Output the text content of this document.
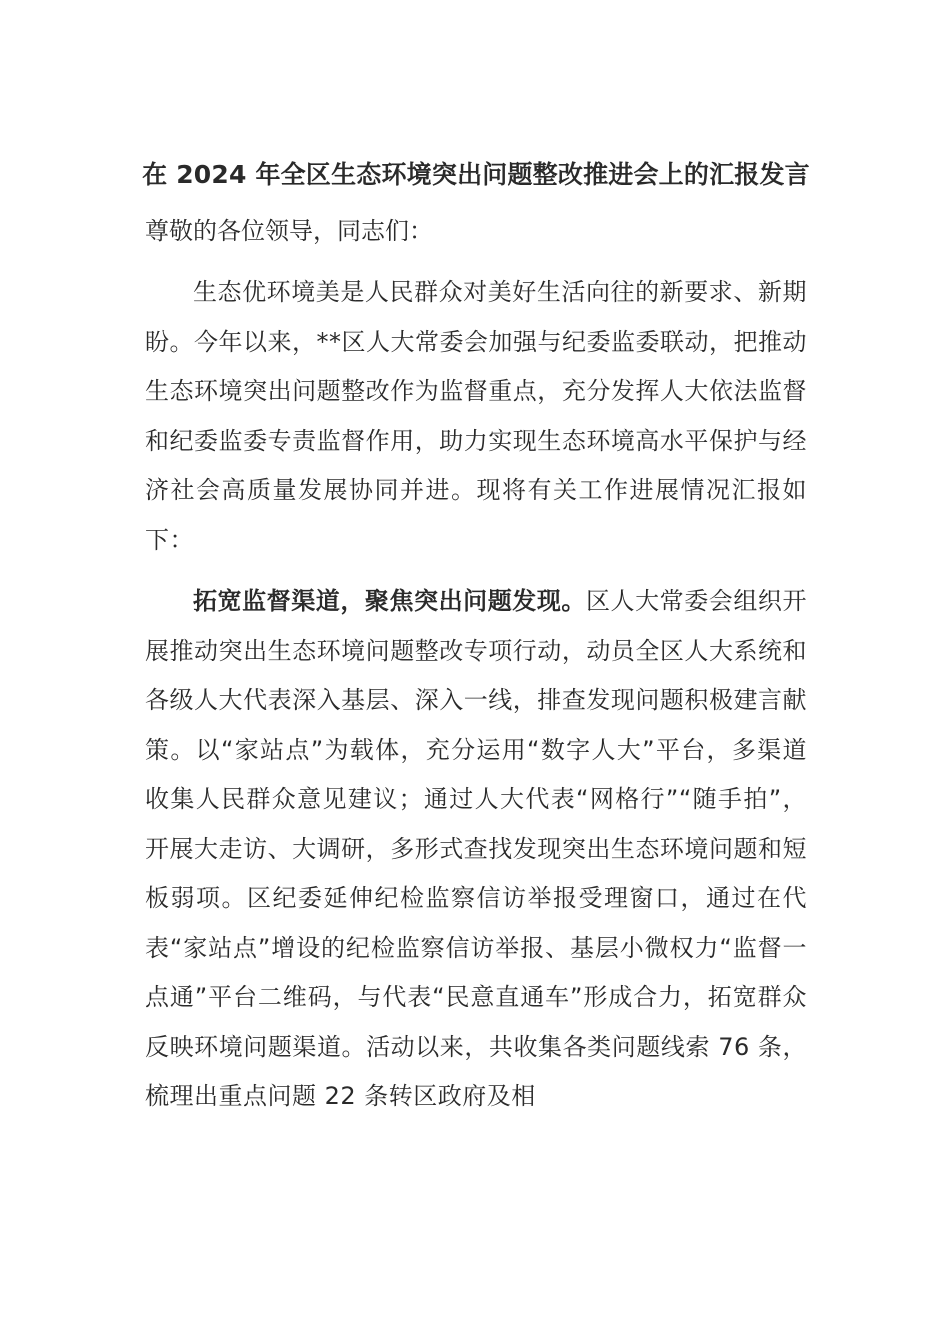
在 2024 年全区生态环境突出问题整改推进会上的汇报发言
尊敬的各位领导，同志们：

生态优环境美是人民群众对美好生活向往的新要求、新期盼。今年以来，**区人大常委会加强与纪委监委联动，把推动生态环境突出问题整改作为监督重点，充分发挥人大依法监督和纪委监委专责监督作用，助力实现生态环境高水平保护与经济社会高质量发展协同并进。现将有关工作进展情况汇报如下：

拓宽监督渠道，聚焦突出问题发现。区人大常委会组织开展推动突出生态环境问题整改专项行动，动员全区人大系统和各级人大代表深入基层、深入一线，排查发现问题积极建言献策。以“家站点”为载体，充分运用“数字人大”平台，多渠道收集人民群众意见建议；通过人大代表“网格行”“随手拍”，开展大走访、大调研，多形式查找发现突出生态环境问题和短板弱项。区纪委延伸纪检监察信访举报受理窗口，通过在代表“家站点”增设的纪检监察信访举报、基层小微权力“监督一点通”平台二维码，与代表“民意直通车”形成合力，拓宽群众反映环境问题渠道。活动以来，共收集各类问题线索 76 条，梳理出重点问题 22 条转区政府及相
